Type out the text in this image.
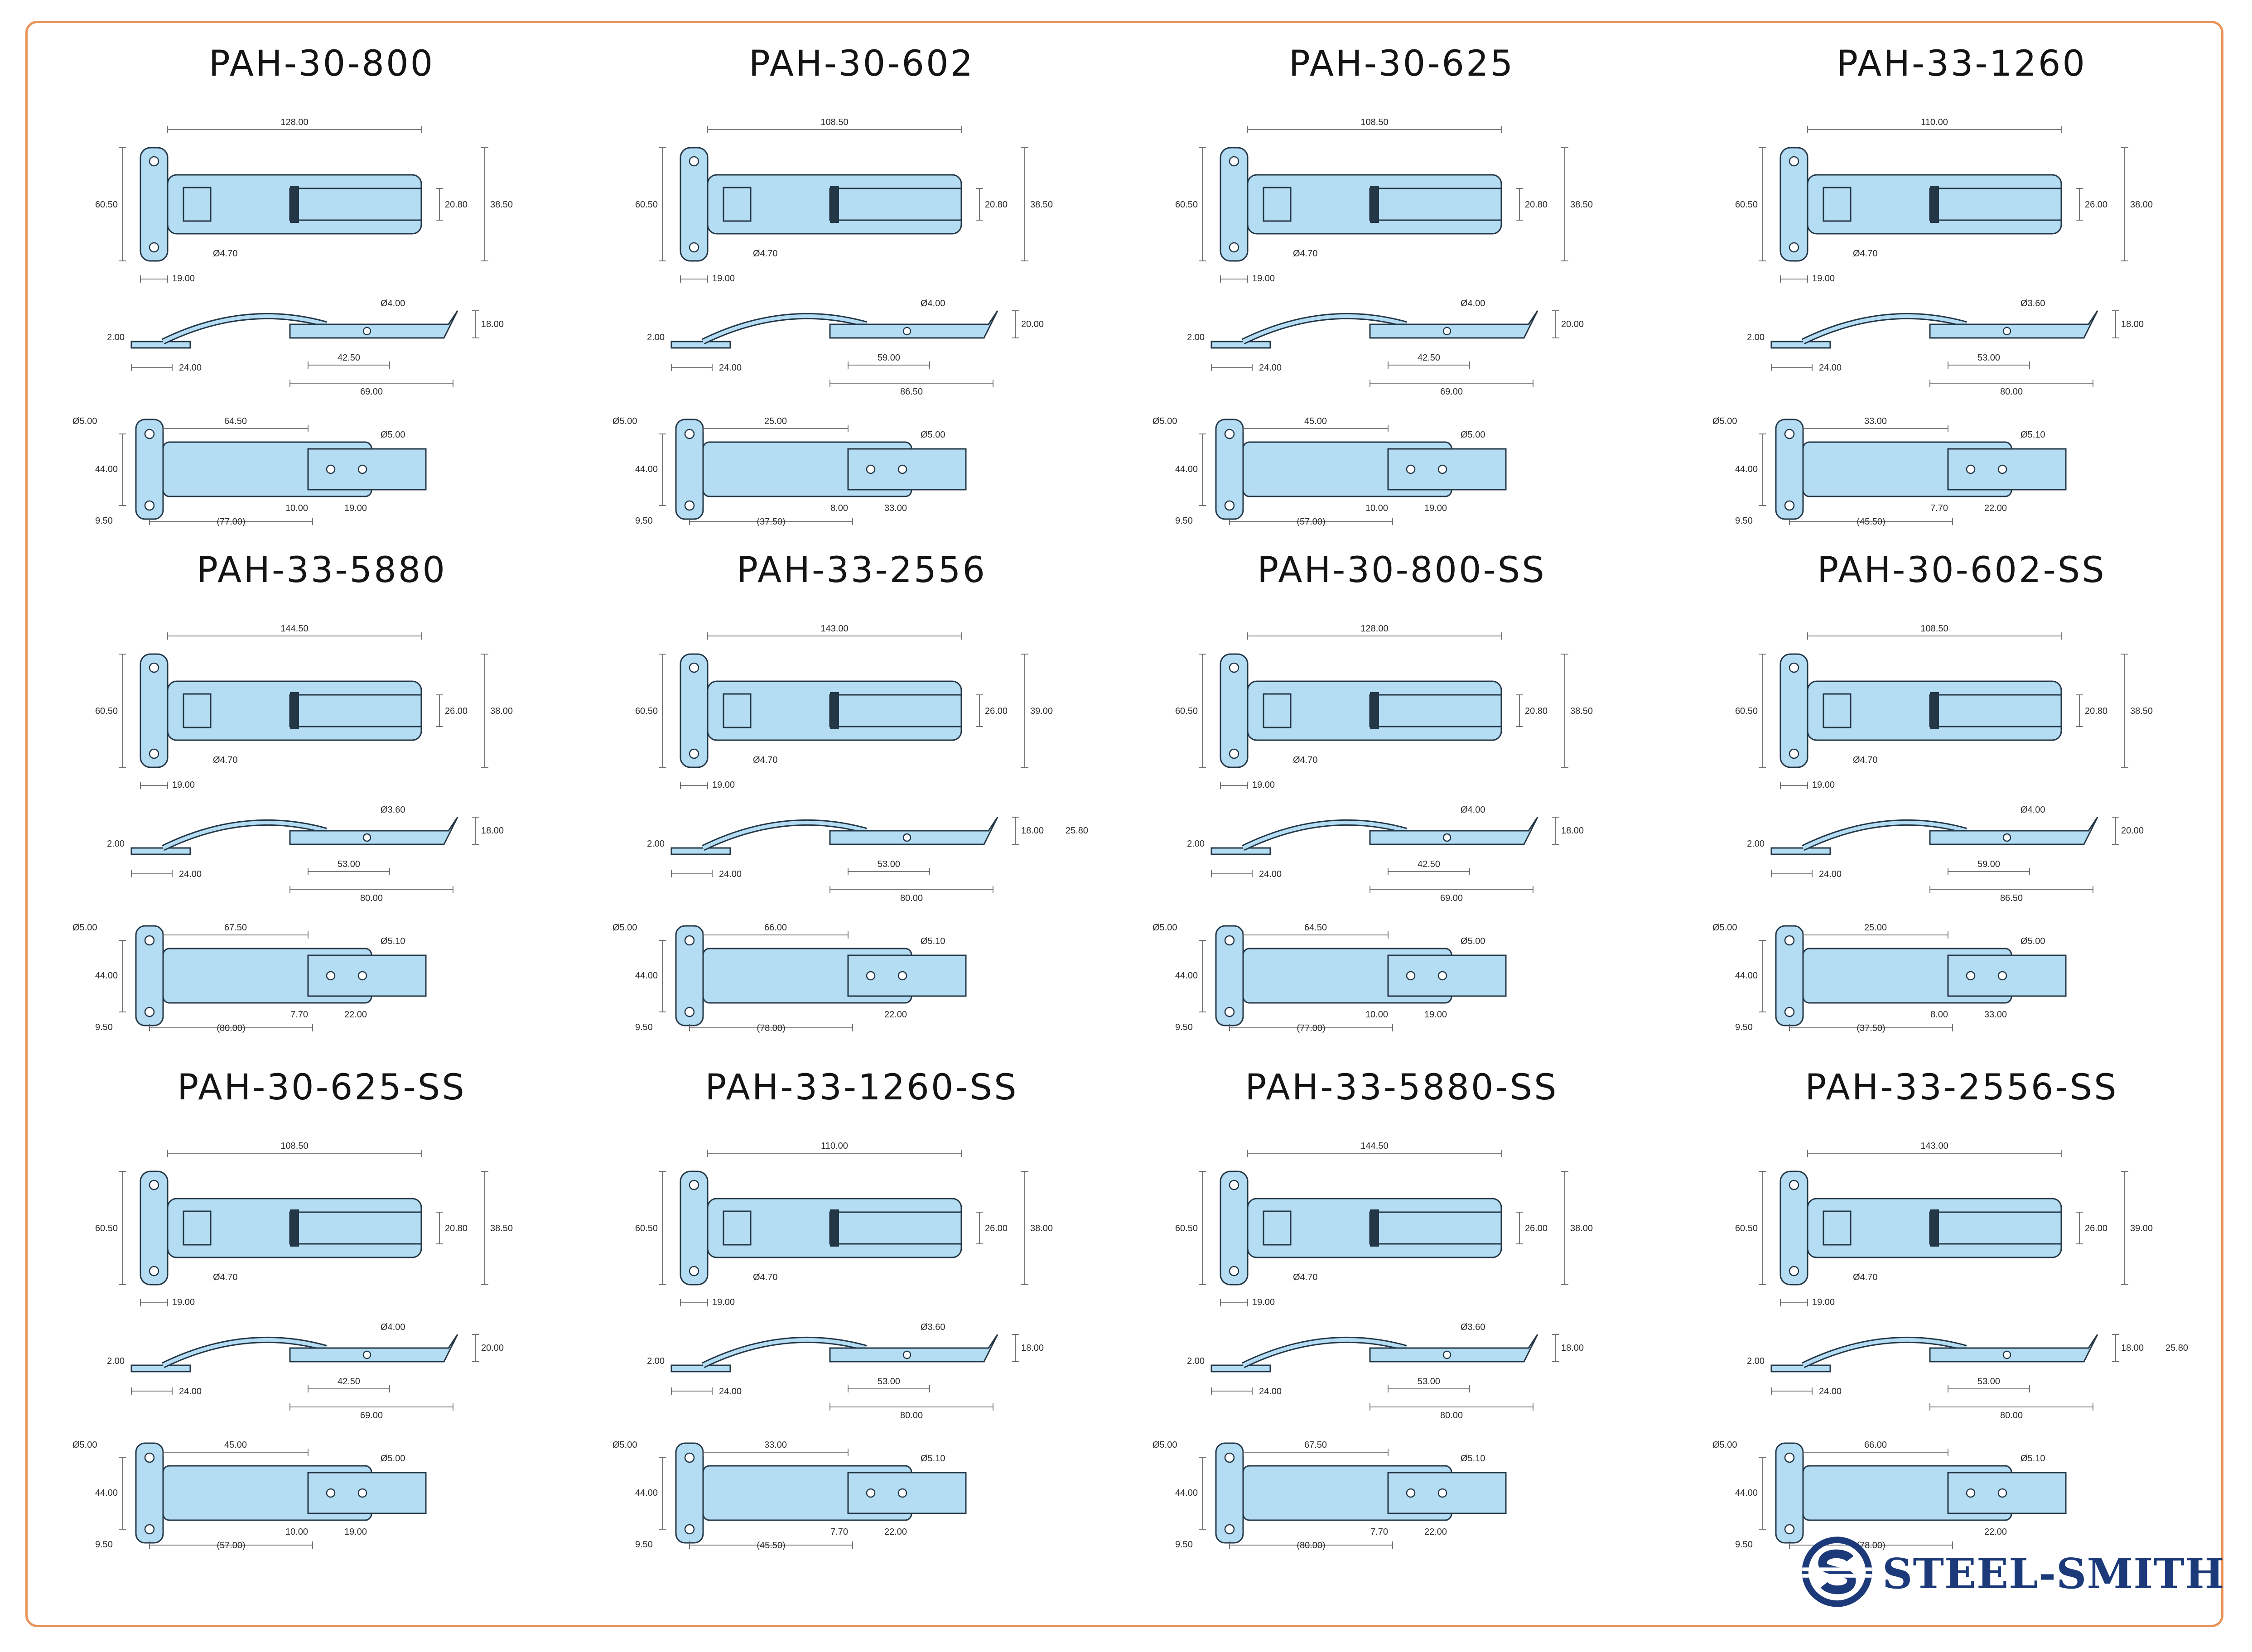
PAH-30-800
128.00
60.50	20.80 38.50
19.00
Ø4.70
2.00
24.00
42.50
69.00
18.00
Ø4.00
Ø5.00	64.50
Ø5.00
44.00
9.50	(77.00)
10.00	19.00
PAH-30-602
108.50
60.50	20.80 38.50
19.00
Ø4.70
2.00
24.00
59.00
86.50
20.00
Ø4.00
Ø5.00	25.00
Ø5.00
44.00
9.50	(37.50)
8.00	33.00
PAH-30-625
108.50
60.50	20.80 38.50
19.00
Ø4.70
2.00
24.00
42.50
69.00
20.00
Ø4.00
Ø5.00	45.00
Ø5.00
44.00
9.50	(57.00)
10.00	19.00
PAH-33-1260
110.00
60.50	26.00 38.00
19.00
Ø4.70
2.00
24.00
53.00
80.00
18.00
Ø3.60
Ø5.00	33.00
Ø5.10
44.00
9.50	(45.50)
7.70	22.00
PAH-33-5880
144.50
60.50	26.00 38.00
19.00
Ø4.70
2.00
24.00
53.00
80.00
18.00
Ø3.60
Ø5.00	67.50
Ø5.10
44.00
9.50	(80.00)
7.70	22.00
PAH-33-2556
143.00
60.50	26.00 39.00
19.00
Ø4.70
2.00
24.00
53.00
80.00
18.00 25.80
Ø5.00	66.00
Ø5.10
44.00
9.50	(78.00)
22.00
PAH-30-800-SS
128.00
60.50	20.80 38.50
19.00
Ø4.70
2.00
24.00
42.50
69.00
18.00
Ø4.00
Ø5.00	64.50
Ø5.00
44.00
9.50	(77.00)
10.00	19.00
PAH-30-602-SS
108.50
60.50	20.80 38.50
19.00
Ø4.70
2.00
24.00
59.00
86.50
20.00
Ø4.00
Ø5.00	25.00
Ø5.00
44.00
9.50	(37.50)
8.00	33.00
PAH-30-625-SS
108.50
60.50	20.80 38.50
19.00
Ø4.70
2.00
24.00
42.50
69.00
20.00
Ø4.00
Ø5.00	45.00
Ø5.00
44.00
9.50	(57.00)
10.00	19.00
PAH-33-1260-SS
110.00
60.50	26.00 38.00
19.00
Ø4.70
2.00
24.00
53.00
80.00
18.00
Ø3.60
Ø5.00	33.00
Ø5.10
44.00
9.50	(45.50)
7.70	22.00
PAH-33-5880-SS
144.50
60.50	26.00 38.00
19.00
Ø4.70
2.00
24.00
53.00
80.00
18.00
Ø3.60
Ø5.00	67.50
Ø5.10
44.00
9.50	(80.00)
7.70	22.00
PAH-33-2556-SS
143.00
60.50	26.00 39.00
19.00
Ø4.70
2.00
24.00
53.00
80.00
18.00 25.80
Ø5.00	66.00
Ø5.10
44.00
9.50	(78.00)
22.00
STEEL-SMITH
